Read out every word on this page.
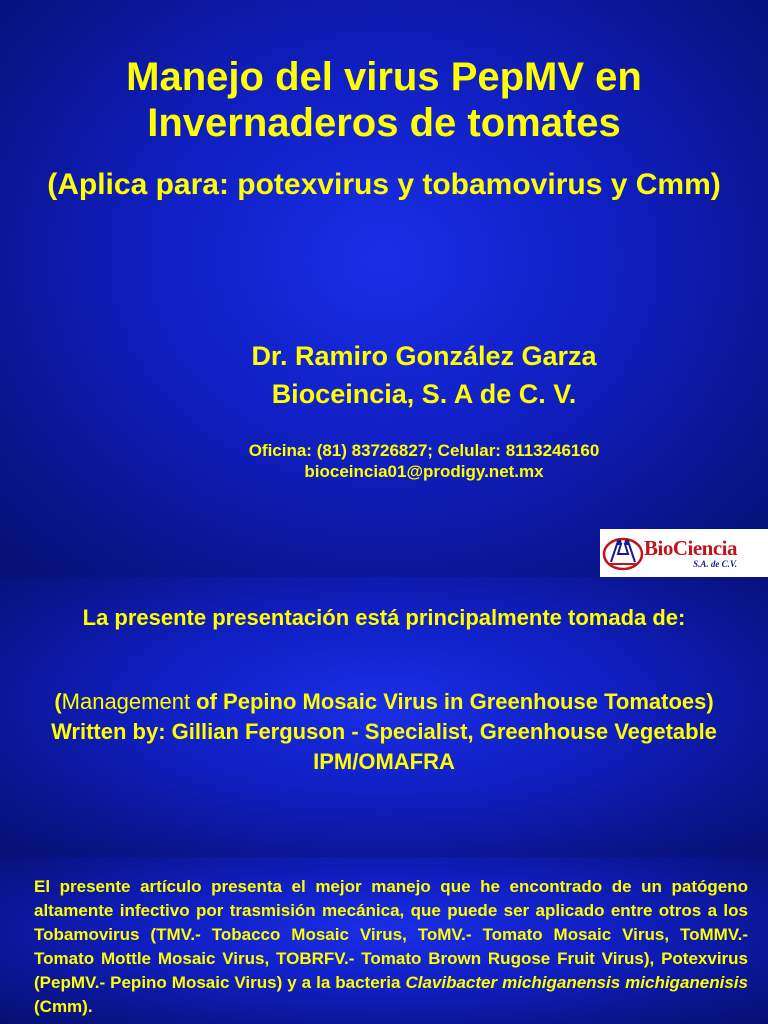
Manejo del virus PepMV en
Invernaderos de tomates
(Aplica para: potexvirus y tobamovirus y Cmm)
Dr. Ramiro González Garza
Bioceincia, S. A de C. V.
Oficina: (81) 83726827; Celular: 8113246160
bioceincia01@prodigy.net.mx
BioCiencia
S.A. de C.V.
La presente presentación está principalmente tomada de:
(Management of Pepino Mosaic Virus in Greenhouse Tomatoes)
Written by: Gillian Ferguson - Specialist, Greenhouse Vegetable IPM/OMAFRA
El presente artículo presenta el mejor manejo que he encontrado de un patógeno altamente infectivo por trasmisión mecánica, que puede ser aplicado entre otros a los Tobamovirus (TMV.- Tobacco Mosaic Virus, ToMV.- Tomato Mosaic Virus, ToMMV.- Tomato Mottle Mosaic Virus, TOBRFV.- Tomato Brown Rugose Fruit Virus), Potexvirus (PepMV.- Pepino Mosaic Virus) y a la bacteria Clavibacter michiganensis michiganenisis (Cmm).
